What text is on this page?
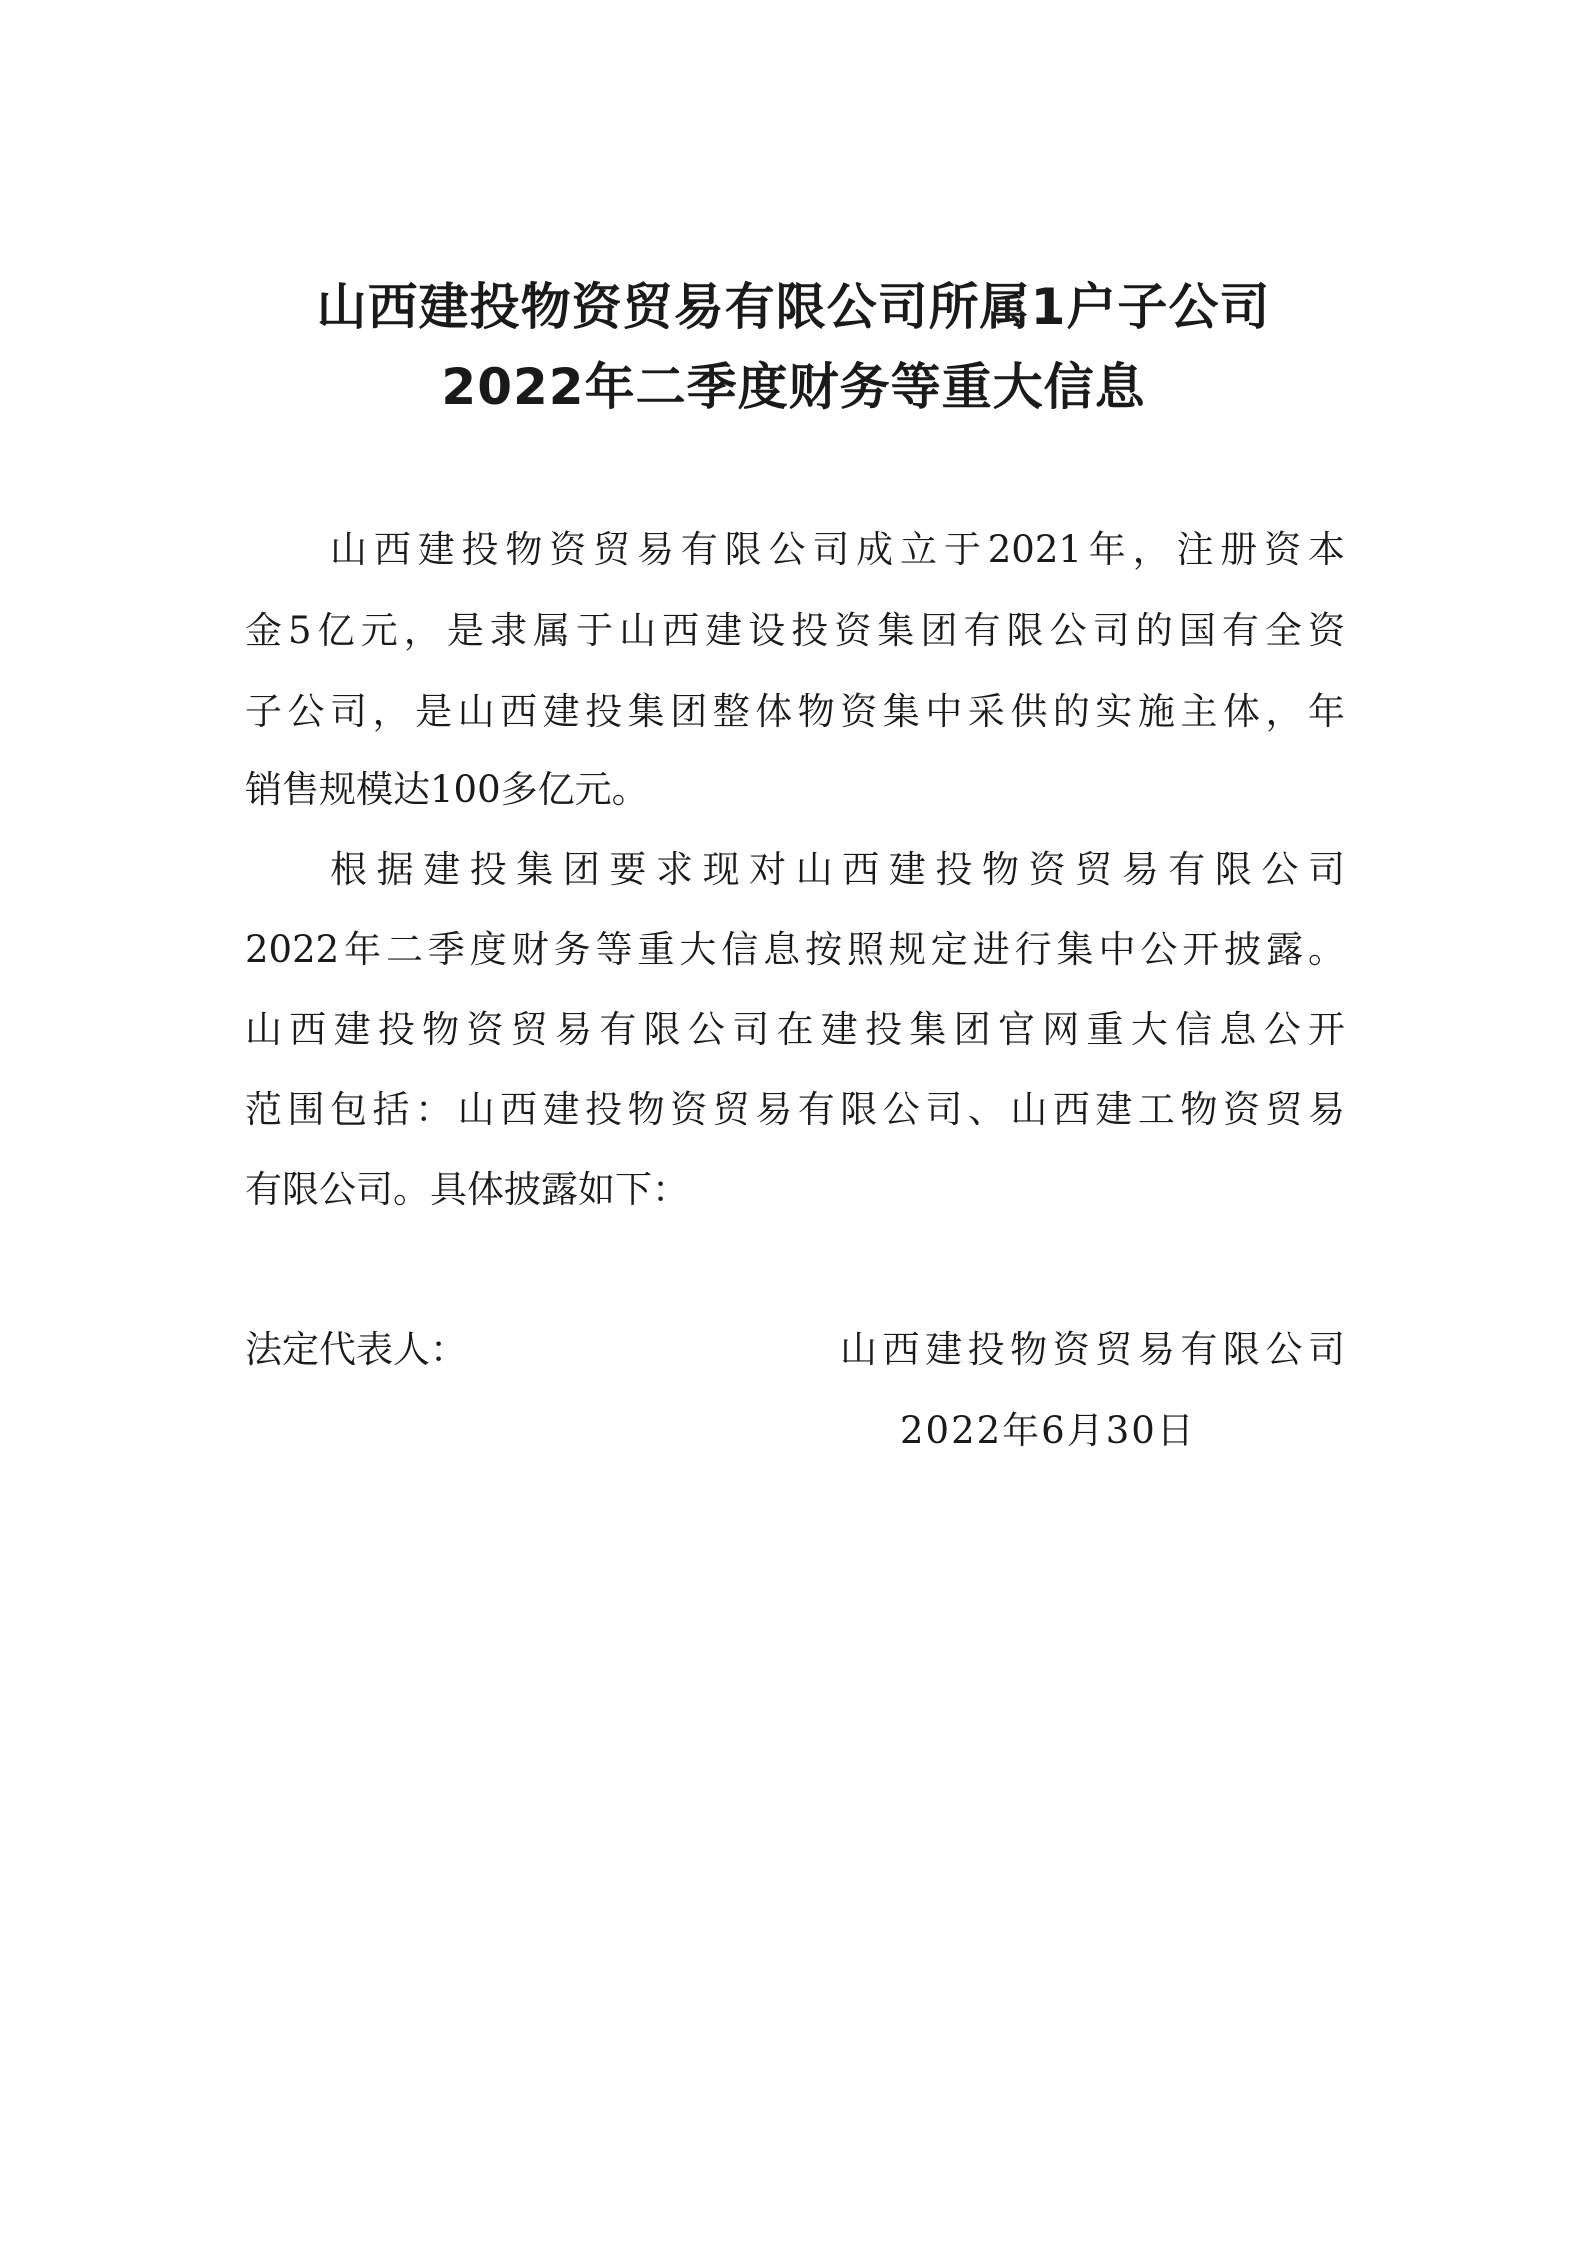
山西建投物资贸易有限公司所属1户子公司
2022年二季度财务等重大信息
山西建投物资贸易有限公司成立于2021年，注册资本
金5亿元，是隶属于山西建设投资集团有限公司的国有全资
子公司，是山西建投集团整体物资集中采供的实施主体，年
销售规模达100多亿元。
根据建投集团要求现对山西建投物资贸易有限公司
2022年二季度财务等重大信息按照规定进行集中公开披露。
山西建投物资贸易有限公司在建投集团官网重大信息公开
范围包括：山西建投物资贸易有限公司、山西建工物资贸易
有限公司。具体披露如下：
法定代表人：	山西建投物资贸易有限公司
2022年6月30日
